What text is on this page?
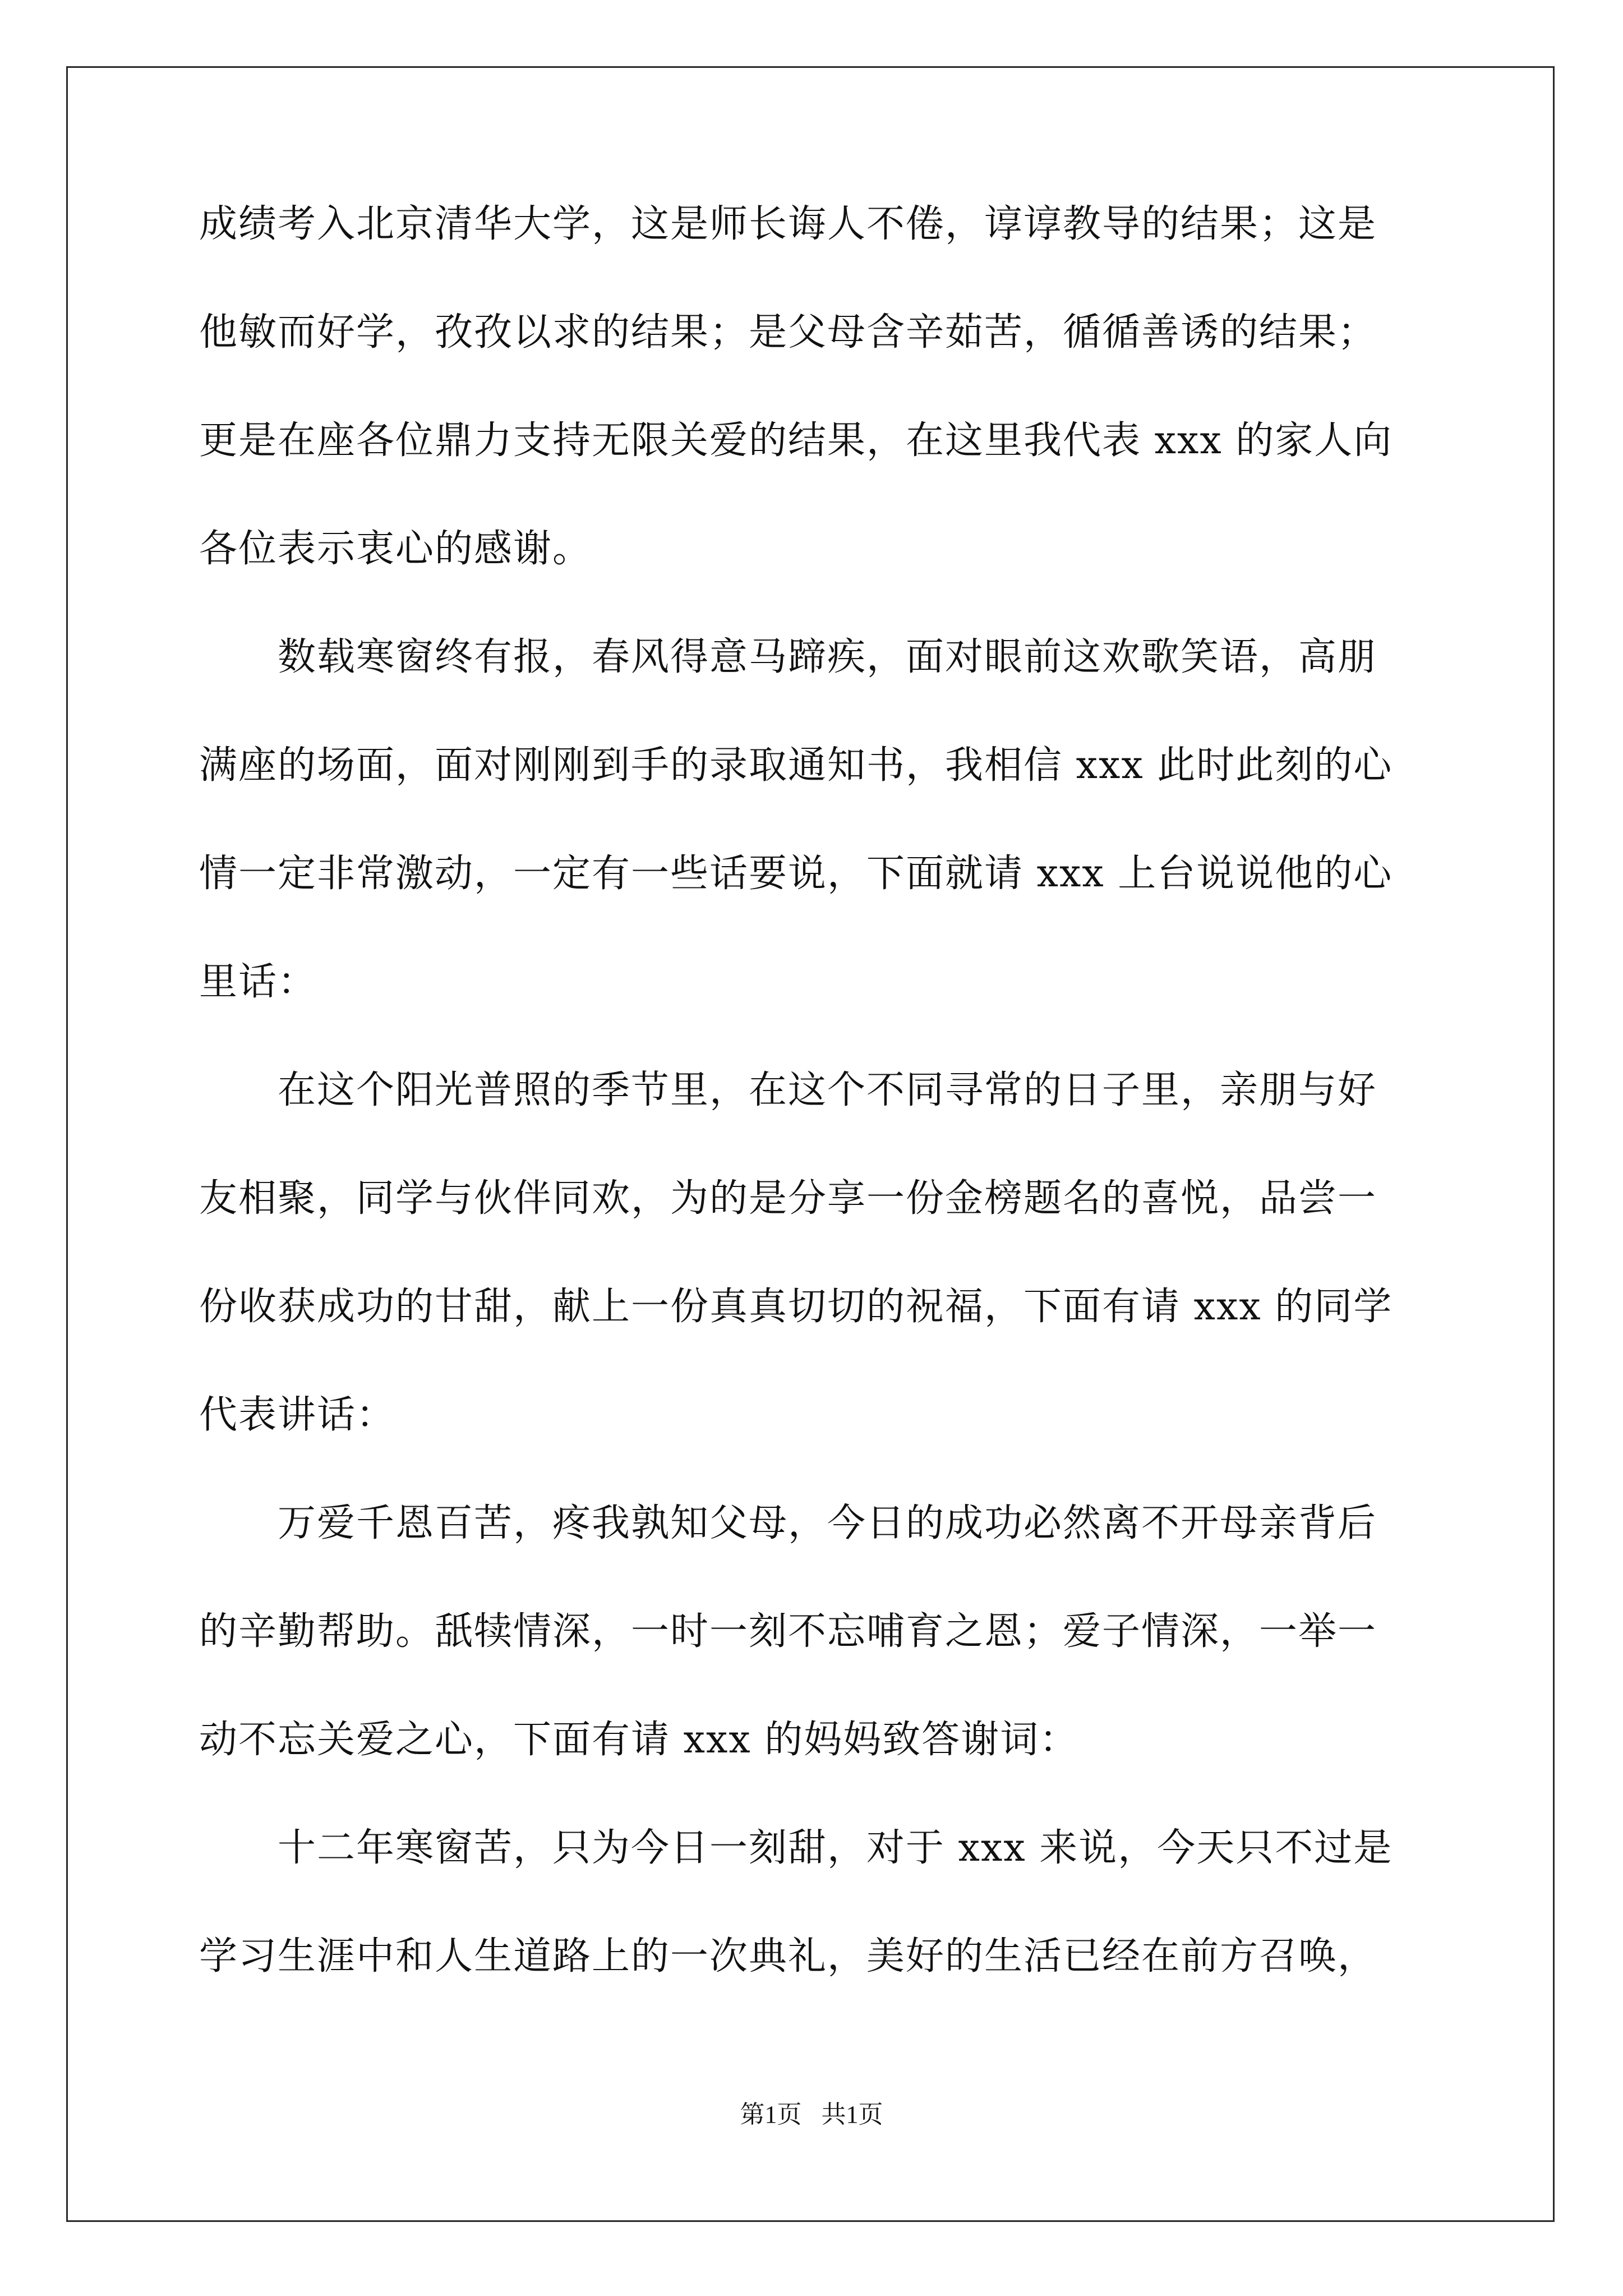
成绩考入北京清华大学，这是师长诲人不倦，谆谆教导的结果；这是
他敏而好学，孜孜以求的结果；是父母含辛茹苦，循循善诱的结果；
更是在座各位鼎力支持无限关爱的结果，在这里我代表 xxx 的家人向
各位表示衷心的感谢。
　　数载寒窗终有报，春风得意马蹄疾，面对眼前这欢歌笑语，高朋
满座的场面，面对刚刚到手的录取通知书，我相信 xxx 此时此刻的心
情一定非常激动，一定有一些话要说，下面就请 xxx 上台说说他的心
里话：
　　在这个阳光普照的季节里，在这个不同寻常的日子里，亲朋与好
友相聚，同学与伙伴同欢，为的是分享一份金榜题名的喜悦，品尝一
份收获成功的甘甜，献上一份真真切切的祝福，下面有请 xxx 的同学
代表讲话：
　　万爱千恩百苦，疼我孰知父母，今日的成功必然离不开母亲背后
的辛勤帮助。舐犊情深，一时一刻不忘哺育之恩；爱子情深，一举一
动不忘关爱之心，下面有请 xxx 的妈妈致答谢词：
　　十二年寒窗苦，只为今日一刻甜，对于 xxx 来说，今天只不过是
学习生涯中和人生道路上的一次典礼，美好的生活已经在前方召唤，
第1页 共1页
